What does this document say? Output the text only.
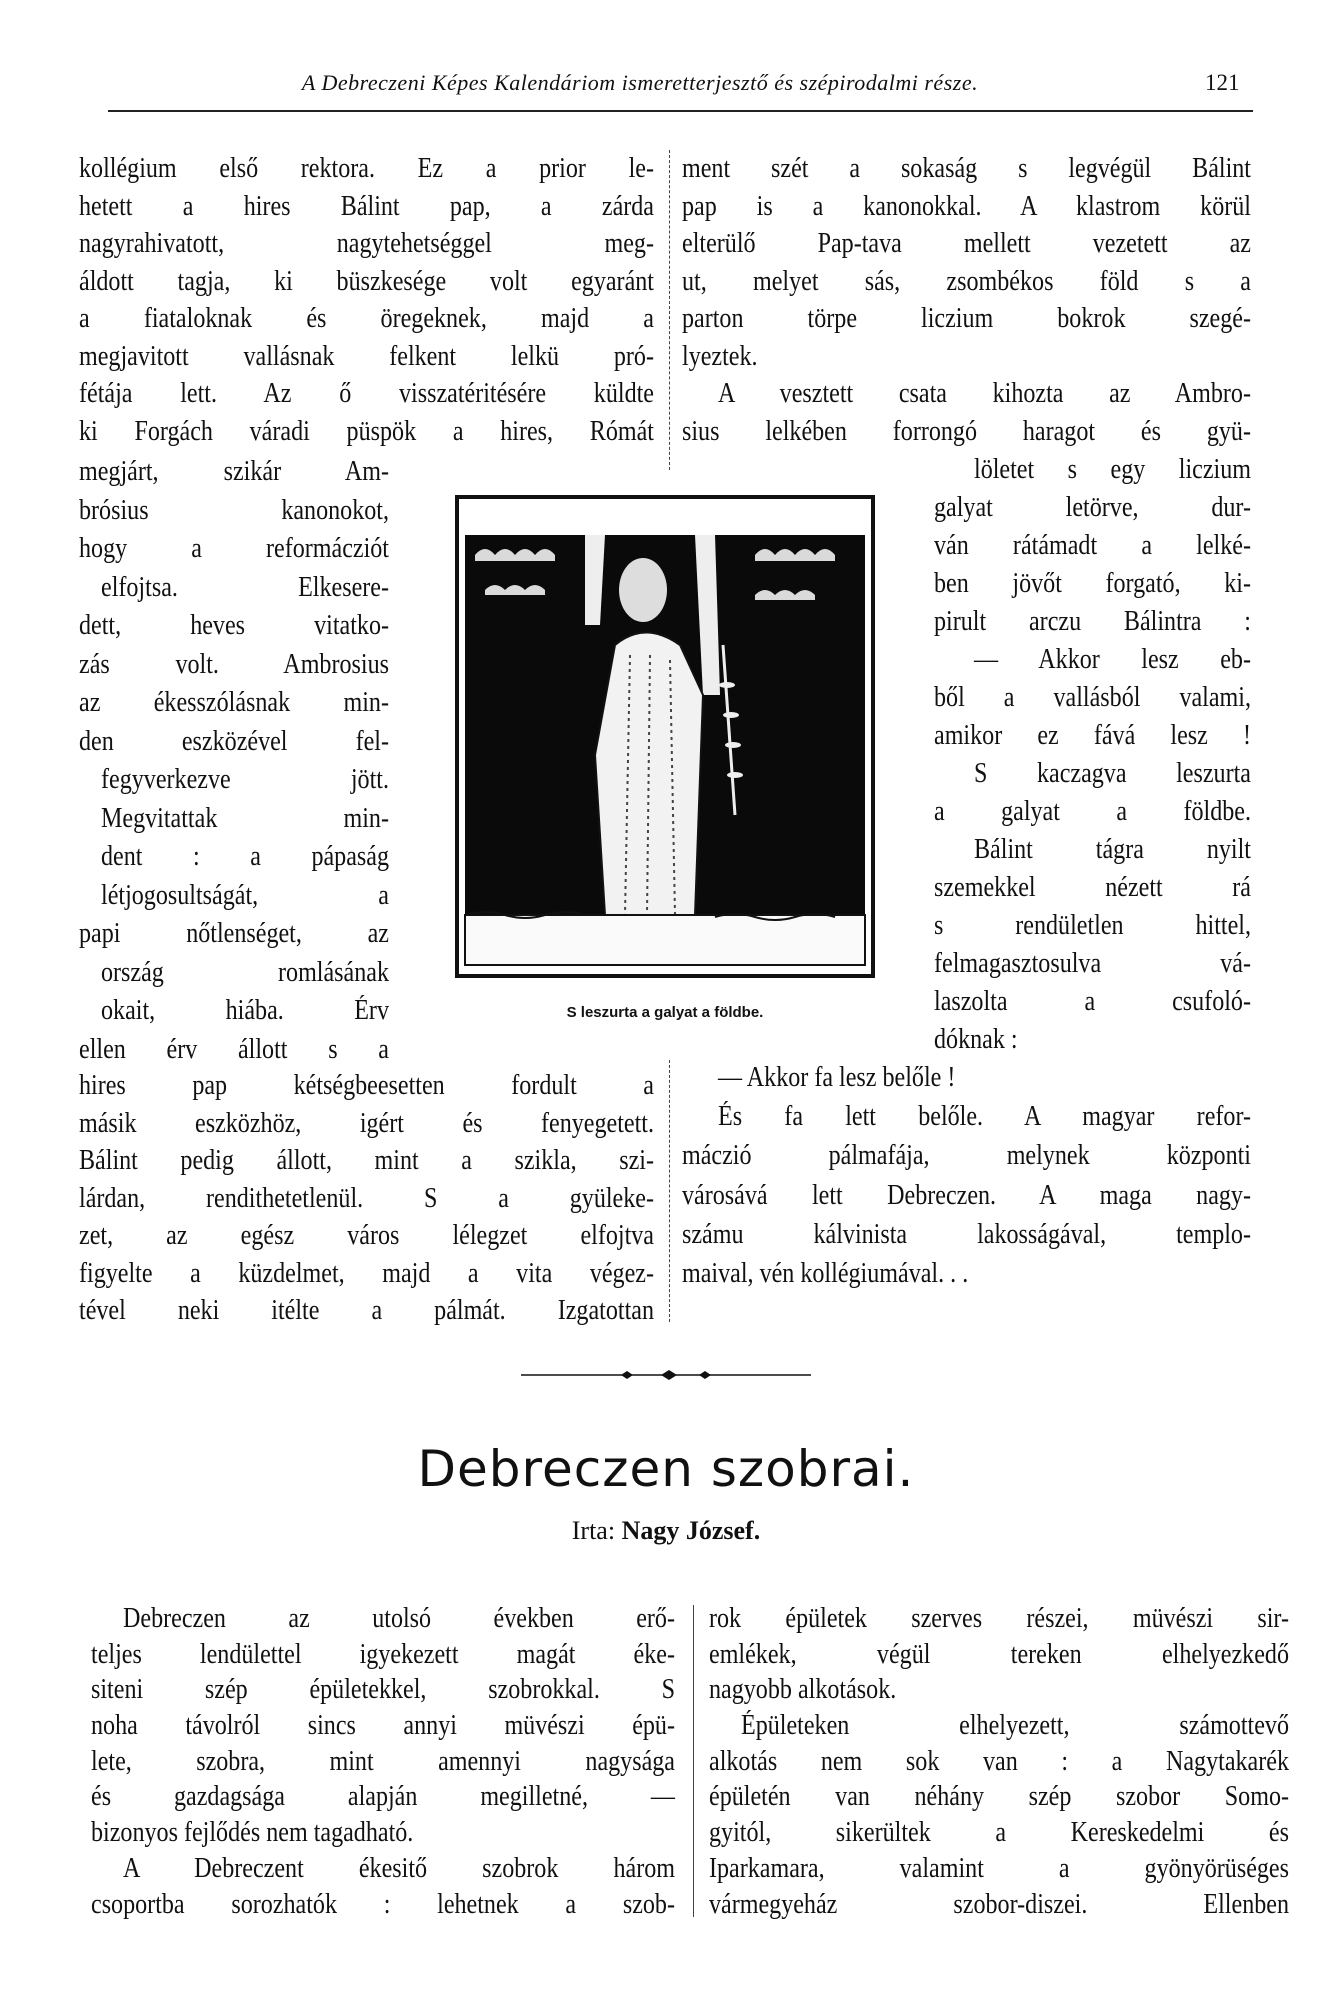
A Debreczeni Képes Kalendáriom ismeretterjesztő és szépirodalmi része.	121
kollégium első rektora. Ez a prior le-
hetett a hires Bálint pap, a zárda
nagyrahivatott, nagytehetséggel meg-
áldott tagja, ki büszkesége volt egyaránt
a fiataloknak és öregeknek, majd a
megjavitott vallásnak felkent lelkü pró-
fétája lett. Az ő visszatéritésére küldte
ki Forgách váradi püspök a hires, Rómát
ment szét a sokaság s legvégül Bálint
pap is a kanonokkal. A klastrom körül
elterülő Pap-tava mellett vezetett az
ut, melyet sás, zsombékos föld s a
parton törpe liczium bokrok szegé-
lyeztek.
A vesztett csata kihozta az Ambro-
sius lelkében forrongó haragot és gyü-
megjárt, szikár Am-
brósius kanonokot,
hogy a reformácziót
elfojtsa. Elkesere-
dett, heves vitatko-
zás volt. Ambrosius
az ékesszólásnak min-
den eszközével fel-
fegyverkezve jött.
Megvitattak min-
dent : a pápaság
létjogosultságát, a
papi nőtlenséget, az
ország romlásának
okait, hiába. Érv
ellen érv állott s a
löletet s egy liczium
galyat letörve, dur-
ván rátámadt a lelké-
ben jövőt forgató, ki-
pirult arczu Bálintra :
— Akkor lesz eb-
ből a vallásból valami,
amikor ez fává lesz !
S kaczagva leszurta
a galyat a földbe.
Bálint tágra nyilt
szemekkel nézett rá
s rendületlen hittel,
felmagasztosulva vá-
laszolta a csufoló-
dóknak :
hires pap kétségbeesetten fordult a
másik eszközhöz, igért és fenyegetett.
Bálint pedig állott, mint a szikla, szi-
lárdan, rendithetetlenül. S a gyüleke-
zet, az egész város lélegzet elfojtva
figyelte a küzdelmet, majd a vita végez-
tével neki itélte a pálmát. Izgatottan
— Akkor fa lesz belőle !
És fa lett belőle. A magyar refor-
máczió pálmafája, melynek központi
városává lett Debreczen. A maga nagy-
számu kálvinista lakosságával, templo-
maival, vén kollégiumával. . .
S leszurta a galyat a földbe.
Debreczen szobrai.
Irta: Nagy József.
Debreczen az utolsó években erő-
teljes lendülettel igyekezett magát éke-
siteni szép épületekkel, szobrokkal. S
noha távolról sincs annyi müvészi épü-
lete, szobra, mint amennyi nagysága
és gazdagsága alapján megilletné, —
bizonyos fejlődés nem tagadható.
A Debreczent ékesitő szobrok három
csoportba sorozhatók : lehetnek a szob-
rok épületek szerves részei, müvészi sir-
emlékek, végül tereken elhelyezkedő
nagyobb alkotások.
Épületeken elhelyezett, számottevő
alkotás nem sok van : a Nagytakarék
épületén van néhány szép szobor Somo-
gyitól, sikerültek a Kereskedelmi és
Iparkamara, valamint a gyönyörüséges
vármegyeház szobor-diszei. Ellenben
